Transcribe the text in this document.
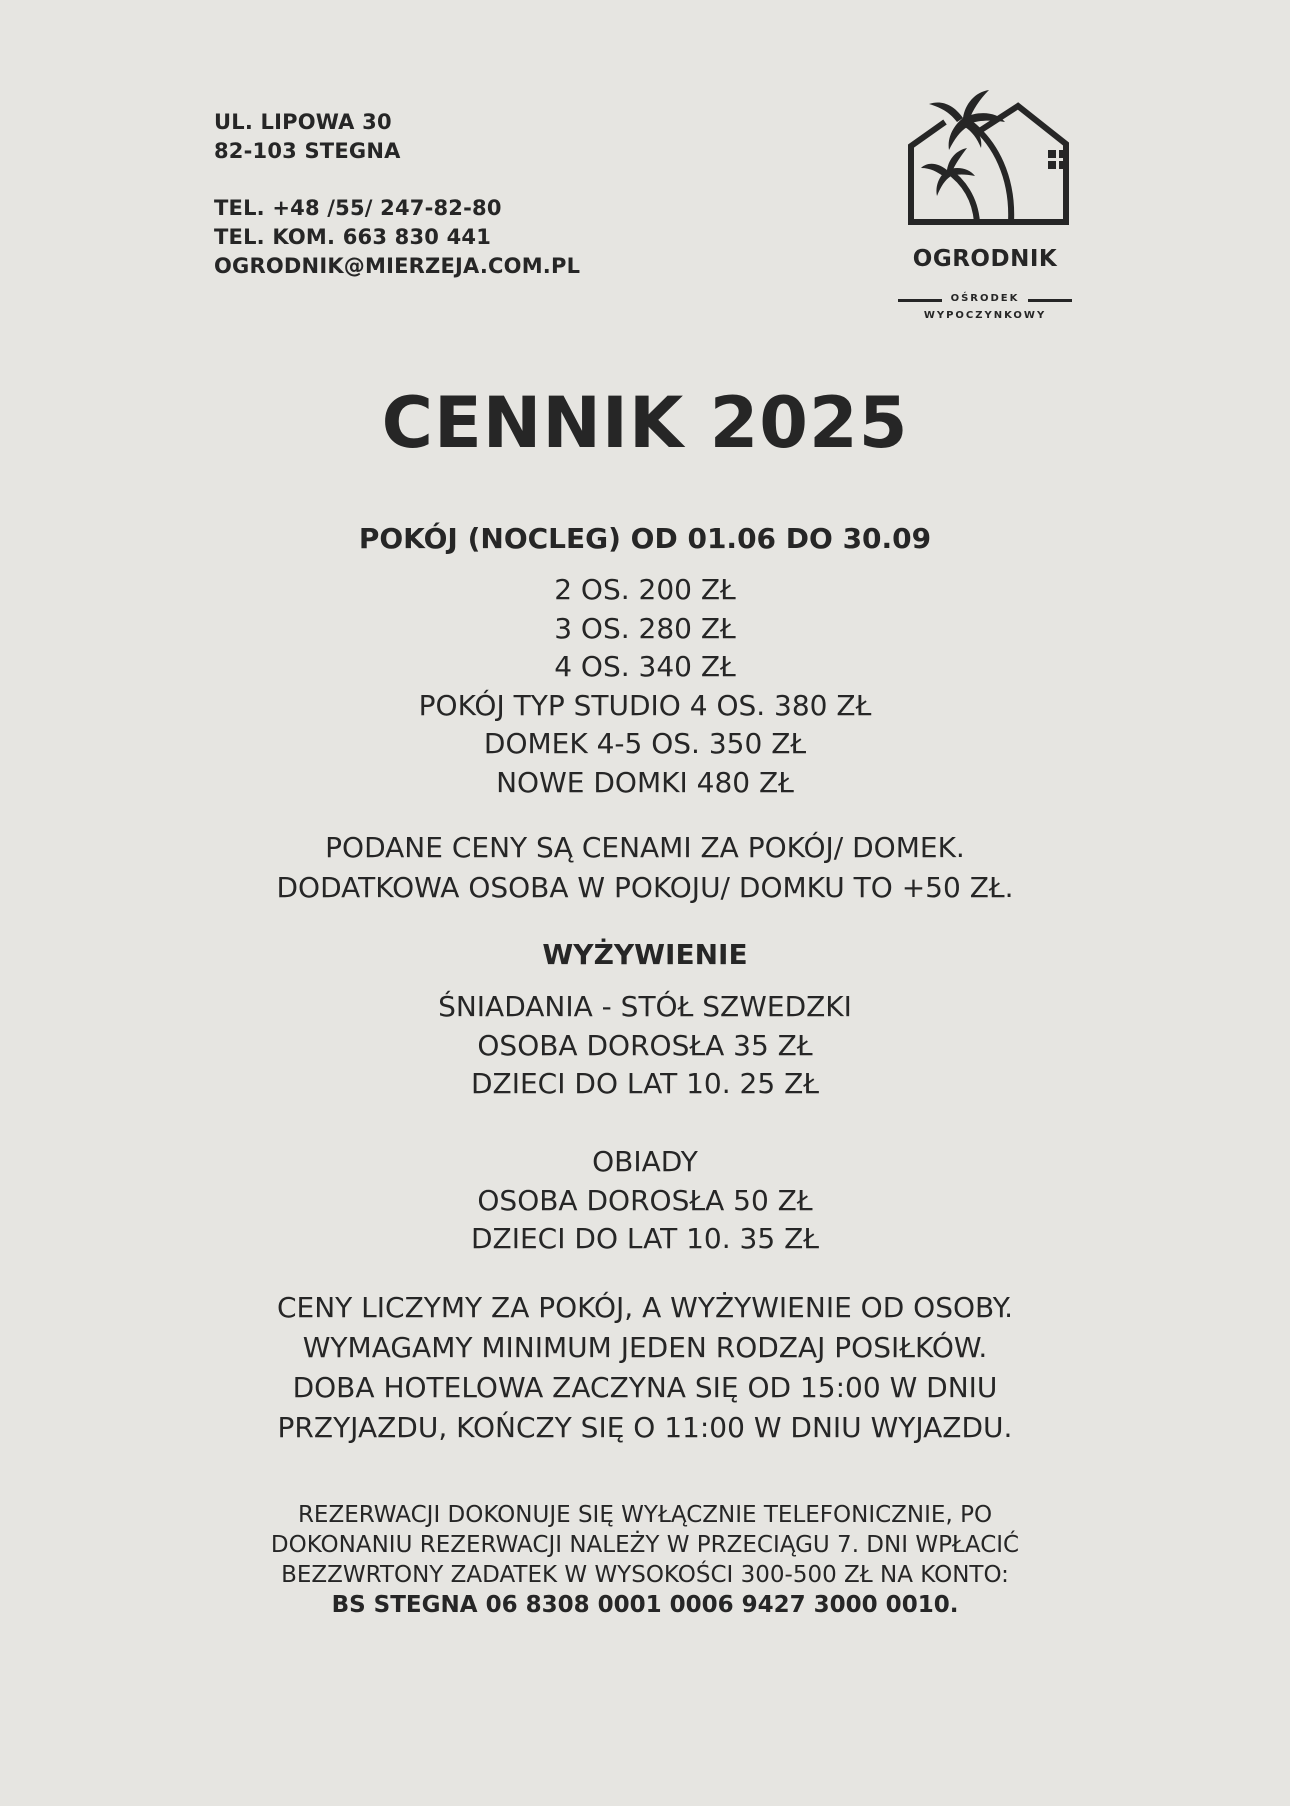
UL. LIPOWA 30
82-103 STEGNA
TEL. +48 /55/ 247-82-80
TEL. KOM. 663 830 441
OGRODNIK@MIERZEJA.COM.PL	OGRODNIK
OŚRODEK
WYPOCZYNKOWY
CENNIK 2025
POKÓJ (NOCLEG) OD 01.06 DO 30.09
2 OS. 200 ZŁ
3 OS. 280 ZŁ
4 OS. 340 ZŁ
POKÓJ TYP STUDIO 4 OS. 380 ZŁ
DOMEK 4-5 OS. 350 ZŁ
NOWE DOMKI 480 ZŁ
PODANE CENY SĄ CENAMI ZA POKÓJ/ DOMEK.
DODATKOWA OSOBA W POKOJU/ DOMKU TO +50 ZŁ.
WYŻYWIENIE
ŚNIADANIA - STÓŁ SZWEDZKI
OSOBA DOROSŁA 35 ZŁ
DZIECI DO LAT 10. 25 ZŁ
OBIADY
OSOBA DOROSŁA 50 ZŁ
DZIECI DO LAT 10. 35 ZŁ
CENY LICZYMY ZA POKÓJ, A WYŻYWIENIE OD OSOBY.
WYMAGAMY MINIMUM JEDEN RODZAJ POSIŁKÓW.
DOBA HOTELOWA ZACZYNA SIĘ OD 15:00 W DNIU
PRZYJAZDU, KOŃCZY SIĘ O 11:00 W DNIU WYJAZDU.
REZERWACJI DOKONUJE SIĘ WYŁĄCZNIE TELEFONICZNIE, PO
DOKONANIU REZERWACJI NALEŻY W PRZECIĄGU 7. DNI WPŁACIĆ
BEZZWRTONY ZADATEK W WYSOKOŚCI 300-500 ZŁ NA KONTO:
BS STEGNA 06 8308 0001 0006 9427 3000 0010.
